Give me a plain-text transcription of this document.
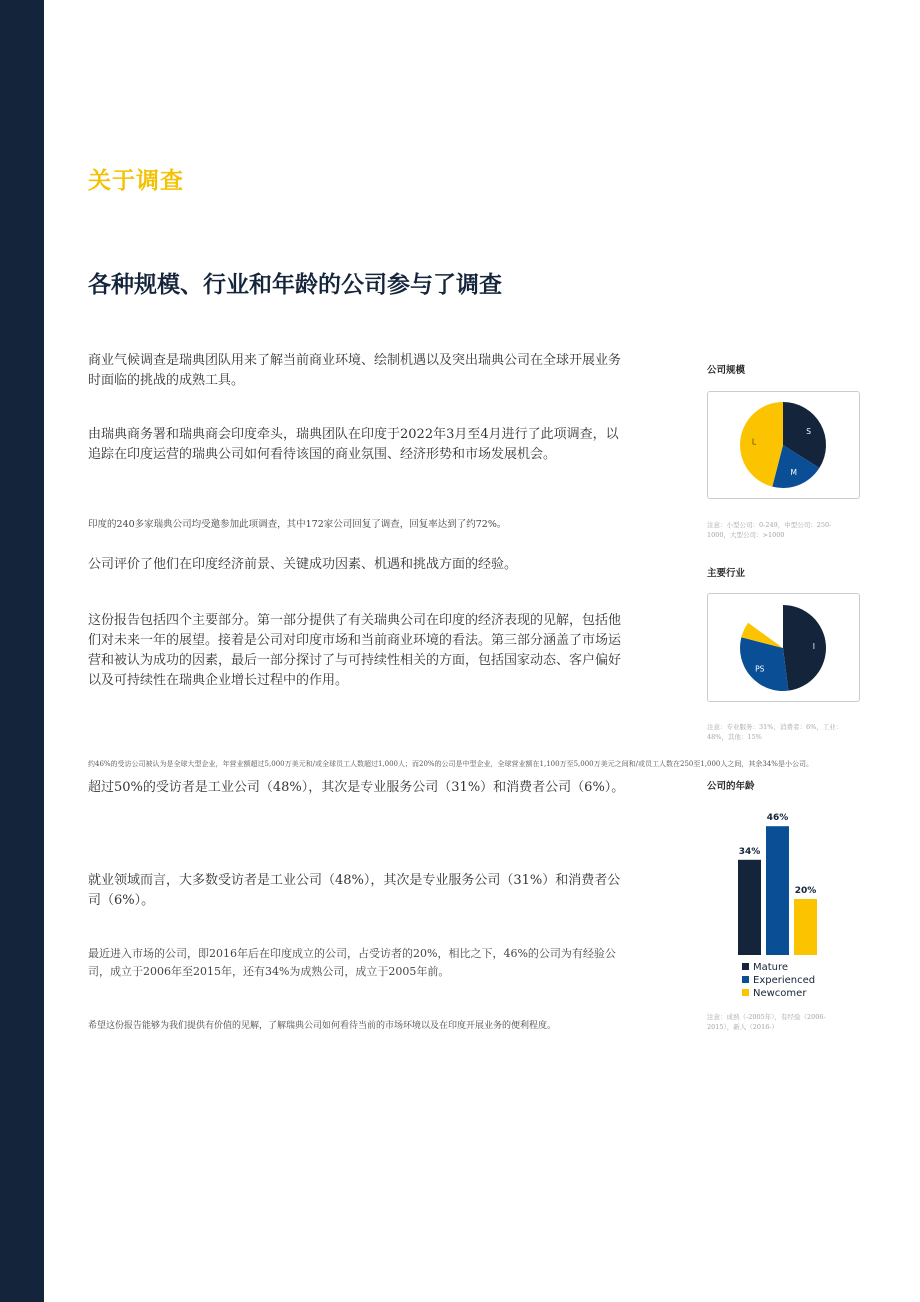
关于调查
各种规模、行业和年龄的公司参与了调查
商业气候调查是瑞典团队用来了解当前商业环境、绘制机遇以及突出瑞典公司在全球开展业务时面临的挑战的成熟工具。
由瑞典商务署和瑞典商会印度牵头，瑞典团队在印度于2022年3月至4月进行了此项调查，以追踪在印度运营的瑞典公司如何看待该国的商业氛围、经济形势和市场发展机会。
印度的240多家瑞典公司均受邀参加此项调查，其中172家公司回复了调查，回复率达到了约72%。
公司评价了他们在印度经济前景、关键成功因素、机遇和挑战方面的经验。
这份报告包括四个主要部分。第一部分提供了有关瑞典公司在印度的经济表现的见解，包括他们对未来一年的展望。接着是公司对印度市场和当前商业环境的看法。第三部分涵盖了市场运营和被认为成功的因素，最后一部分探讨了与可持续性相关的方面，包括国家动态、客户偏好以及可持续性在瑞典企业增长过程中的作用。
约46%的受访公司被认为是全球大型企业，年营业额超过5,000万美元和/或全球员工人数超过1,000人；而20%的公司是中型企业，全球营业额在1,100万至5,000万美元之间和/或员工人数在250至1,000人之间，其余34%是小公司。
超过50%的受访者是工业公司（48%），其次是专业服务公司（31%）和消费者公司（6%）。
就业领域而言，大多数受访者是工业公司（48%），其次是专业服务公司（31%）和消费者公司（6%）。
最近进入市场的公司，即2016年后在印度成立的公司，占受访者的20%，相比之下，46%的公司为有经验公司，成立于2006年至2015年，还有34%为成熟公司，成立于2005年前。
希望这份报告能够为我们提供有价值的见解，了解瑞典公司如何看待当前的市场环境以及在印度开展业务的便利程度。
公司规模
S
M
L
注意：小型公司：0-249，中型公司：250-1000，大型公司：>1000
主要行业
I
PS
注意：专业服务：31%，消费者：6%，工业：48%，其他：15%
公司的年龄
34%
46%
20%
Mature
Experienced
Newcomer
注意：成熟（-2005年），有经验（2006-2015），新人（2016-）
